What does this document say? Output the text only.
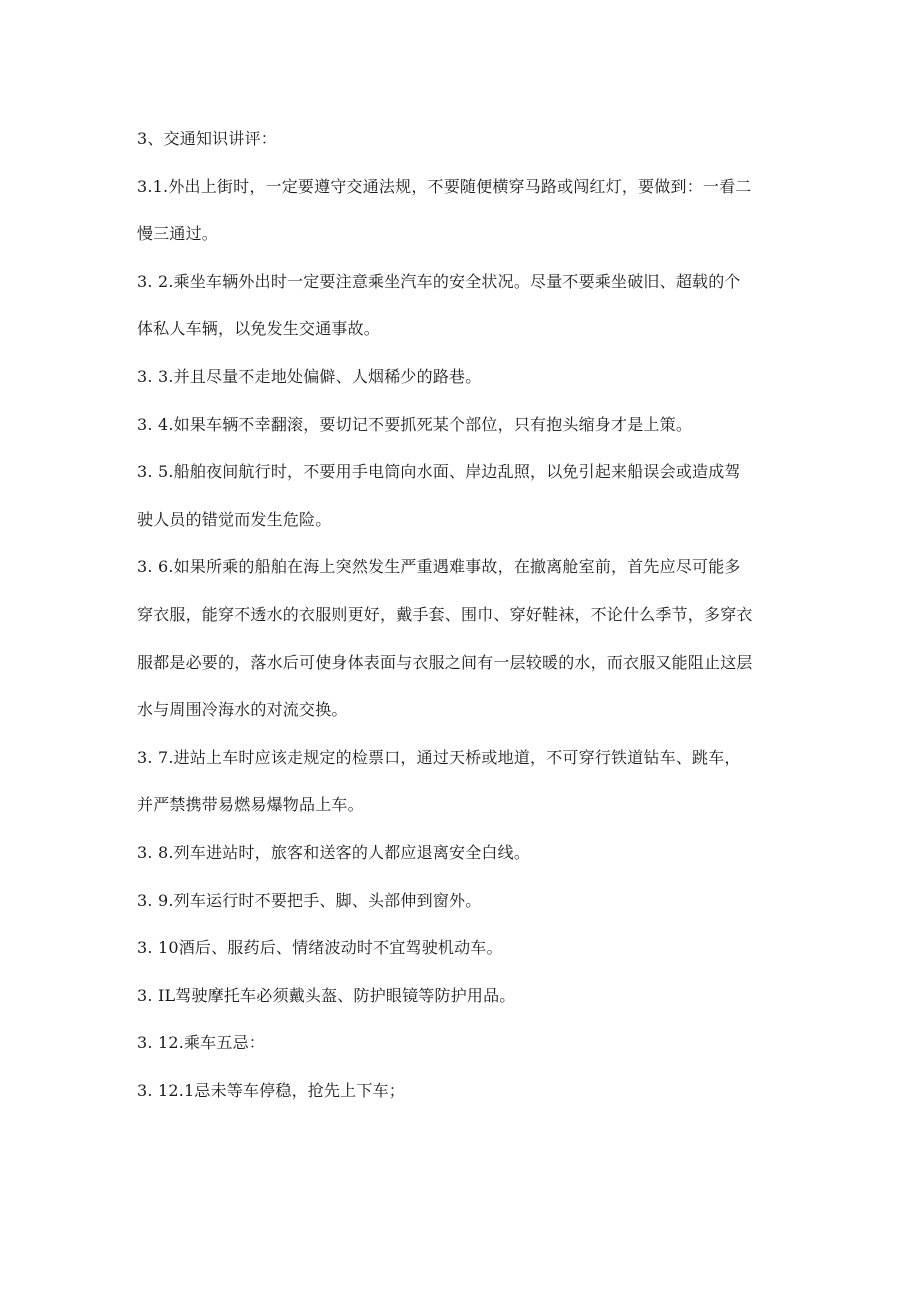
3、交通知识讲评：
3.1.外出上街时，一定要遵守交通法规，不要随便横穿马路或闯红灯，要做到：一看二
慢三通过。
3. 2.乘坐车辆外出时一定要注意乘坐汽车的安全状况。尽量不要乘坐破旧、超载的个
体私人车辆，以免发生交通事故。
3. 3.并且尽量不走地处偏僻、人烟稀少的路巷。
3. 4.如果车辆不幸翻滚，要切记不要抓死某个部位，只有抱头缩身才是上策。
3. 5.船舶夜间航行时，不要用手电筒向水面、岸边乱照，以免引起来船误会或造成驾
驶人员的错觉而发生危险。
3. 6.如果所乘的船舶在海上突然发生严重遇难事故，在撤离舱室前，首先应尽可能多
穿衣服，能穿不透水的衣服则更好，戴手套、围巾、穿好鞋袜，不论什么季节，多穿衣
服都是必要的，落水后可使身体表面与衣服之间有一层较暖的水，而衣服又能阻止这层
水与周围冷海水的对流交换。
3. 7.进站上车时应该走规定的检票口，通过天桥或地道，不可穿行铁道钻车、跳车，
并严禁携带易燃易爆物品上车。
3. 8.列车进站时，旅客和送客的人都应退离安全白线。
3. 9.列车运行时不要把手、脚、头部伸到窗外。
3. 10酒后、服药后、情绪波动时不宜驾驶机动车。
3. IL驾驶摩托车必须戴头盔、防护眼镜等防护用品。
3. 12.乘车五忌：
3. 12.1忌未等车停稳，抢先上下车；
